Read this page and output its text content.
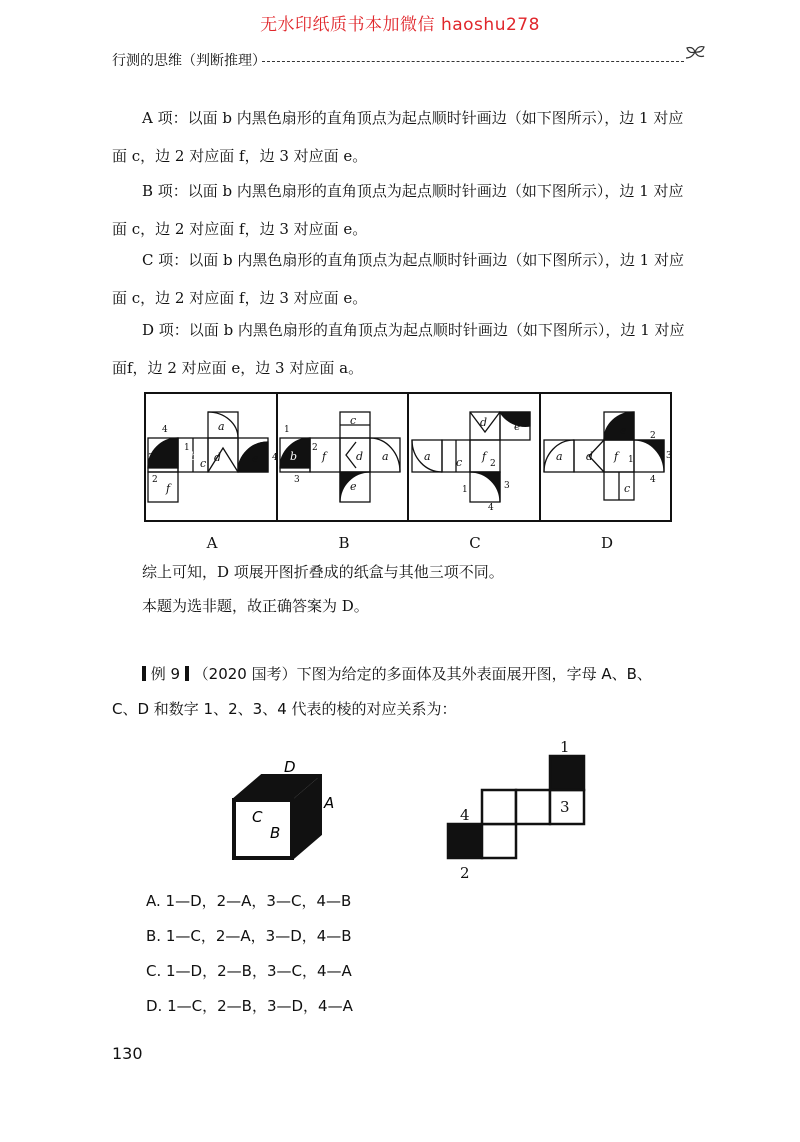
无水印纸质书本加微信 haoshu278
行测的思维（判断推理）
A 项：以面 b 内黑色扇形的直角顶点为起点顺时针画边（如下图所示），边 1 对应
面 c，边 2 对应面 f，边 3 对应面 e。
B 项：以面 b 内黑色扇形的直角顶点为起点顺时针画边（如下图所示），边 1 对应
面 c，边 2 对应面 f，边 3 对应面 e。
C 项：以面 b 内黑色扇形的直角顶点为起点顺时针画边（如下图所示），边 1 对应
面 c，边 2 对应面 f，边 3 对应面 e。
D 项：以面 b 内黑色扇形的直角顶点为起点顺时针画边（如下图所示），边 1 对应
面f，边 2 对应面 e，边 3 对应面 a。
a
b
c d	e
f
4
3
1
2
c
b f	d a
e
1
4
2
3
d e
a c f
b
2
1	3
4
e
a d f b
c
2
1	3
4
A	B	C	D
综上可知，D 项展开图折叠成的纸盒与其他三项不同。
本题为选非题，故正确答案为 D。
例 9 （2020 国考）下图为给定的多面体及其外表面展开图，字母 A、B、
C、D 和数字 1、2、3、4 代表的棱的对应关系为：
D
A
C
B
1
2
3
4
A. 1—D，2—A，3—C，4—B
B. 1—C，2—A，3—D，4—B
C. 1—D，2—B，3—C，4—A
D. 1—C，2—B，3—D，4—A
130
